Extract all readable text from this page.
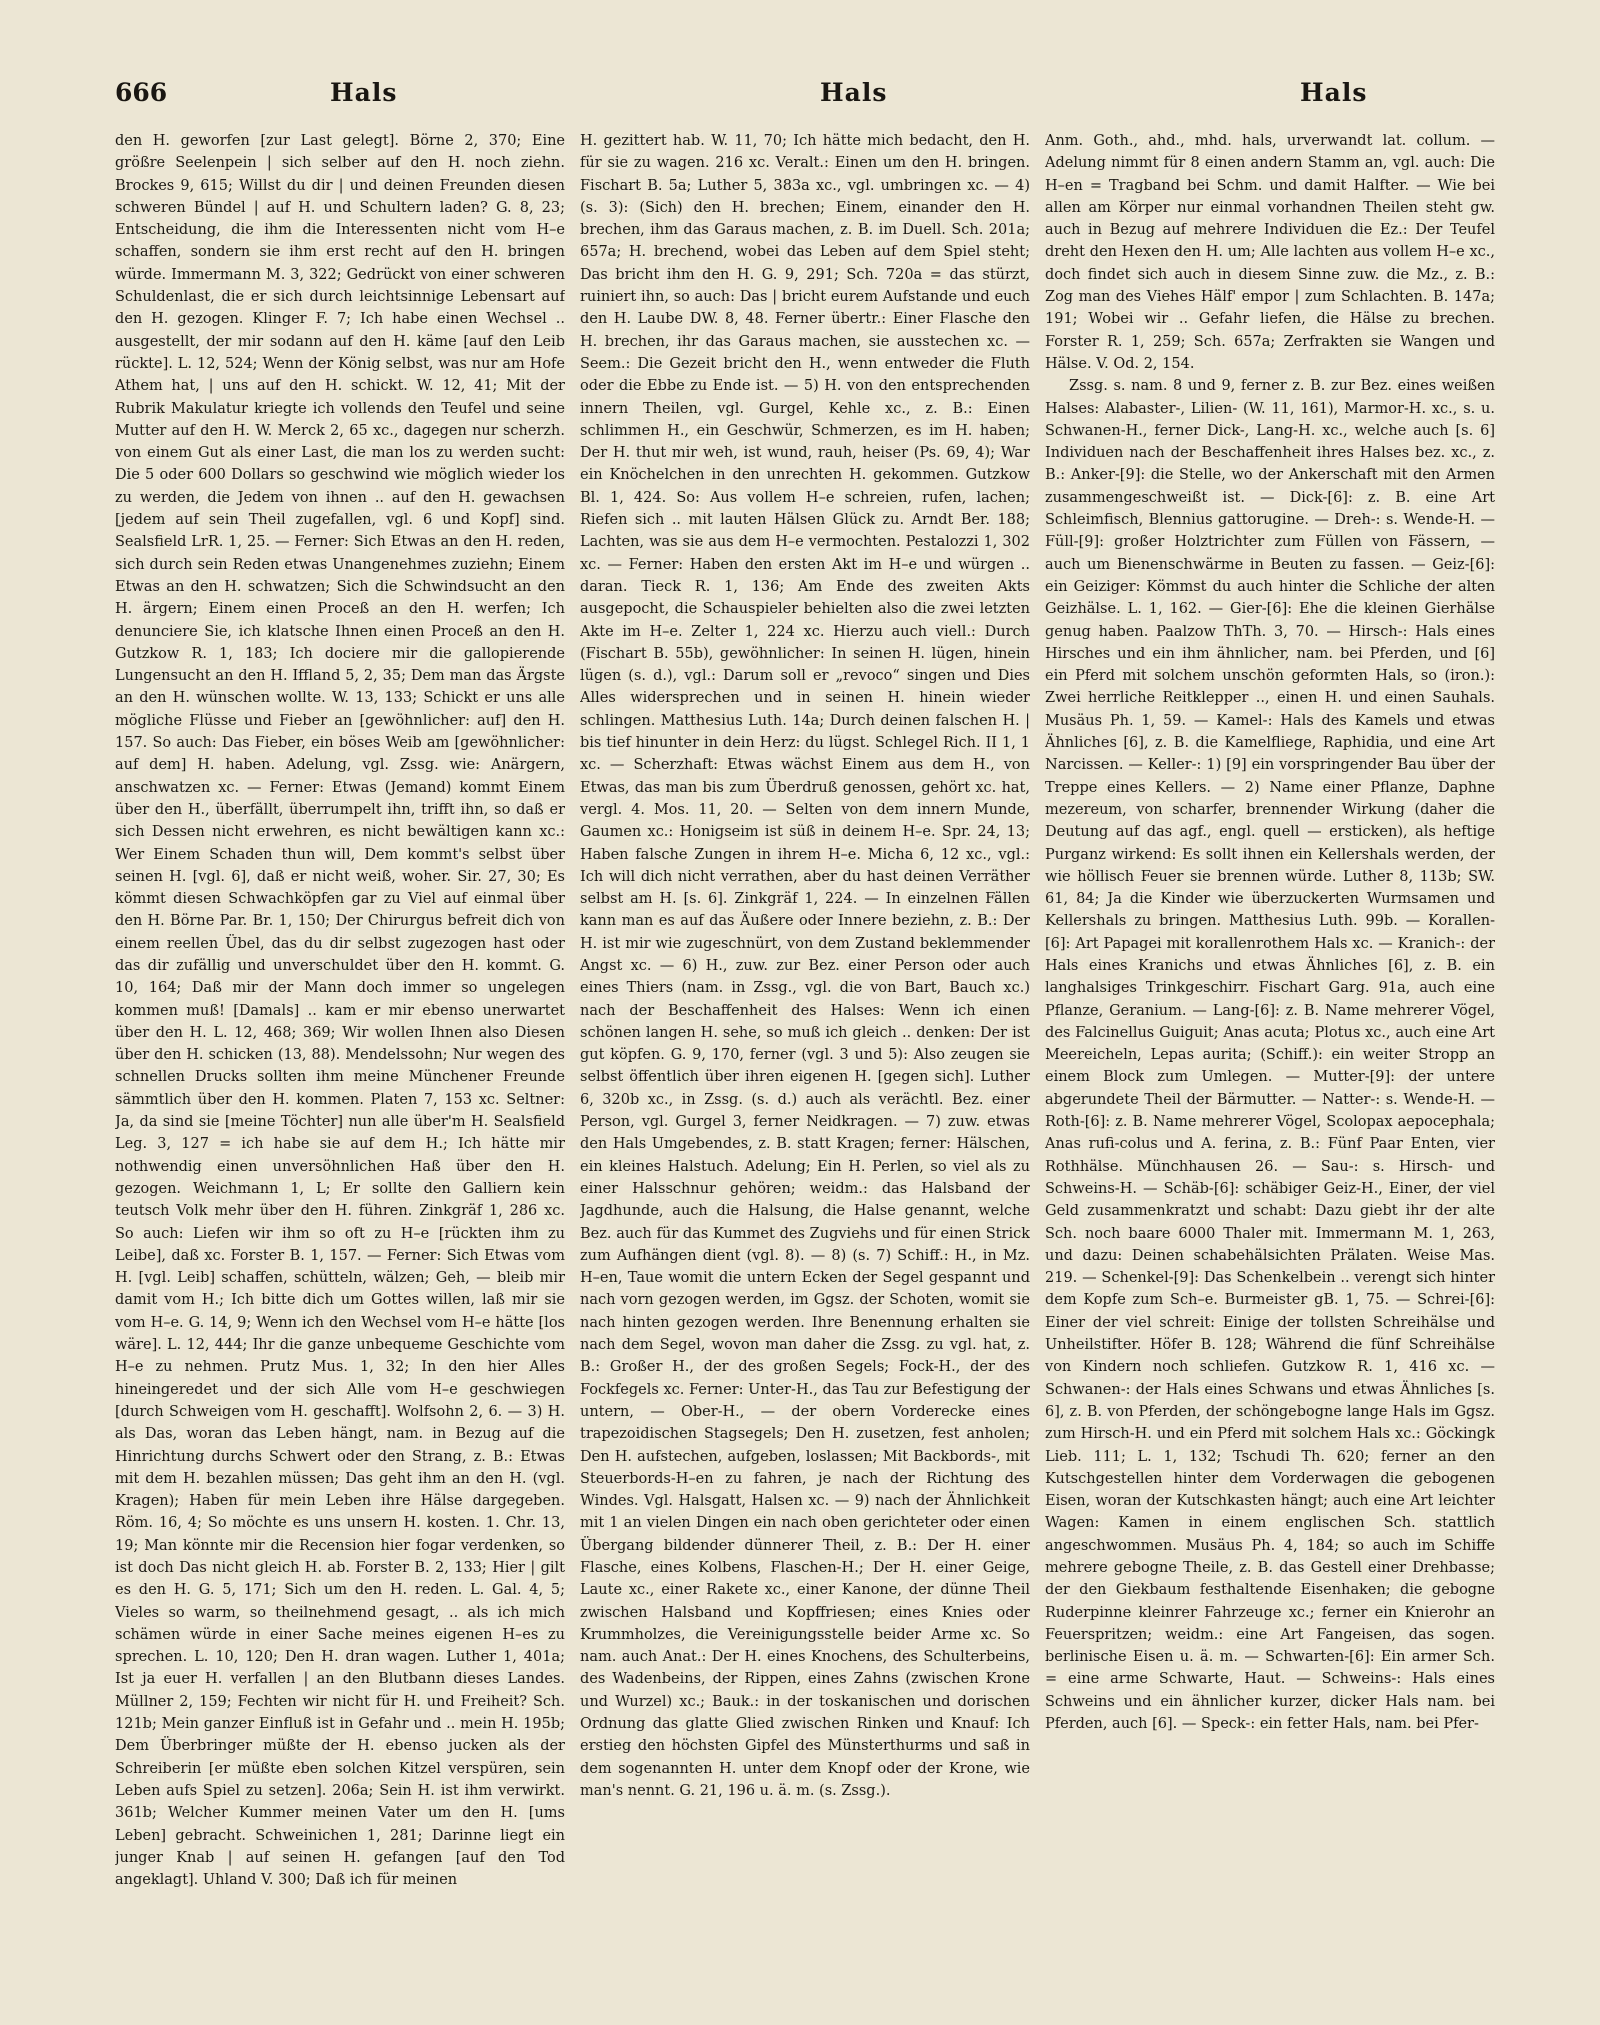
666	Hals	Hals	Hals

den H. geworfen [zur Last gelegt]. Börne 2, 370; Eine größre Seelenpein | sich selber auf den H. noch ziehn. Brockes 9, 615; Willst du dir | und deinen Freunden diesen schweren Bündel | auf H. und Schultern laden? G. 8, 23; Entscheidung, die ihm die Interessenten nicht vom H–e schaffen, sondern sie ihm erst recht auf den H. bringen würde. Immermann M. 3, 322; Gedrückt von einer schweren Schuldenlast, die er sich durch leichtsinnige Lebensart auf den H. gezogen. Klinger F. 7; Ich habe einen Wechsel .. ausgestellt, der mir sodann auf den H. käme [auf den Leib rückte]. L. 12, 524; Wenn der König selbst, was nur am Hofe Athem hat, | uns auf den H. schickt. W. 12, 41; Mit der Rubrik Makulatur kriegte ich vollends den Teufel und seine Mutter auf den H. W. Merck 2, 65 xc., dagegen nur scherzh. von einem Gut als einer Last, die man los zu werden sucht: Die 5 oder 600 Dollars so geschwind wie möglich wieder los zu werden, die Jedem von ihnen .. auf den H. gewachsen [jedem auf sein Theil zugefallen, vgl. 6 und Kopf] sind. Sealsfield LrR. 1, 25. — Ferner: Sich Etwas an den H. reden, sich durch sein Reden etwas Unangenehmes zuziehn; Einem Etwas an den H. schwatzen; Sich die Schwindsucht an den H. ärgern; Einem einen Proceß an den H. werfen; Ich denunciere Sie, ich klatsche Ihnen einen Proceß an den H. Gutzkow R. 1, 183; Ich dociere mir die gallopierende Lungensucht an den H. Iffland 5, 2, 35; Dem man das Ärgste an den H. wünschen wollte. W. 13, 133; Schickt er uns alle mögliche Flüsse und Fieber an [gewöhnlicher: auf] den H. 157. So auch: Das Fieber, ein böses Weib am [gewöhnlicher: auf dem] H. haben. Adelung, vgl. Zssg. wie: Anärgern, anschwatzen xc. — Ferner: Etwas (Jemand) kommt Einem über den H., überfällt, überrumpelt ihn, trifft ihn, so daß er sich Dessen nicht erwehren, es nicht bewältigen kann xc.: Wer Einem Schaden thun will, Dem kommt's selbst über seinen H. [vgl. 6], daß er nicht weiß, woher. Sir. 27, 30; Es kömmt diesen Schwachköpfen gar zu Viel auf einmal über den H. Börne Par. Br. 1, 150; Der Chirurgus befreit dich von einem reellen Übel, das du dir selbst zugezogen hast oder das dir zufällig und unverschuldet über den H. kommt. G. 10, 164; Daß mir der Mann doch immer so ungelegen kommen muß! [Damals] .. kam er mir ebenso unerwartet über den H. L. 12, 468; 369; Wir wollen Ihnen also Diesen über den H. schicken (13, 88). Mendelssohn; Nur wegen des schnellen Drucks sollten ihm meine Münchener Freunde sämmtlich über den H. kommen. Platen 7, 153 xc. Seltner: Ja, da sind sie [meine Töchter] nun alle über'm H. Sealsfield Leg. 3, 127 = ich habe sie auf dem H.; Ich hätte mir nothwendig einen unversöhnlichen Haß über den H. gezogen. Weichmann 1, L; Er sollte den Galliern kein teutsch Volk mehr über den H. führen. Zinkgräf 1, 286 xc. So auch: Liefen wir ihm so oft zu H–e [rückten ihm zu Leibe], daß xc. Forster B. 1, 157. — Ferner: Sich Etwas vom H. [vgl. Leib] schaffen, schütteln, wälzen; Geh, — bleib mir damit vom H.; Ich bitte dich um Gottes willen, laß mir sie vom H–e. G. 14, 9; Wenn ich den Wechsel vom H–e hätte [los wäre]. L. 12, 444; Ihr die ganze unbequeme Geschichte vom H–e zu nehmen. Prutz Mus. 1, 32; In den hier Alles hineingeredet und der sich Alle vom H–e geschwiegen [durch Schweigen vom H. geschafft]. Wolfsohn 2, 6. — 3) H. als Das, woran das Leben hängt, nam. in Bezug auf die Hinrichtung durchs Schwert oder den Strang, z. B.: Etwas mit dem H. bezahlen müssen; Das geht ihm an den H. (vgl. Kragen); Haben für mein Leben ihre Hälse dargegeben. Röm. 16, 4; So möchte es uns unsern H. kosten. 1. Chr. 13, 19; Man könnte mir die Recension hier fogar verdenken, so ist doch Das nicht gleich H. ab. Forster B. 2, 133; Hier | gilt es den H. G. 5, 171; Sich um den H. reden. L. Gal. 4, 5; Vieles so warm, so theilnehmend gesagt, .. als ich mich schämen würde in einer Sache meines eigenen H–es zu sprechen. L. 10, 120; Den H. dran wagen. Luther 1, 401a; Ist ja euer H. verfallen | an den Blutbann dieses Landes. Müllner 2, 159; Fechten wir nicht für H. und Freiheit? Sch. 121b; Mein ganzer Einfluß ist in Gefahr und .. mein H. 195b; Dem Überbringer müßte der H. ebenso jucken als der Schreiberin [er müßte eben solchen Kitzel verspüren, sein Leben aufs Spiel zu setzen]. 206a; Sein H. ist ihm verwirkt. 361b; Welcher Kummer meinen Vater um den H. [ums Leben] gebracht. Schweinichen 1, 281; Darinne liegt ein junger Knab | auf seinen H. gefangen [auf den Tod angeklagt]. Uhland V. 300; Daß ich für meinen

H. gezittert hab. W. 11, 70; Ich hätte mich bedacht, den H. für sie zu wagen. 216 xc. Veralt.: Einen um den H. bringen. Fischart B. 5a; Luther 5, 383a xc., vgl. umbringen xc. — 4) (s. 3): (Sich) den H. brechen; Einem, einander den H. brechen, ihm das Garaus machen, z. B. im Duell. Sch. 201a; 657a; H. brechend, wobei das Leben auf dem Spiel steht; Das bricht ihm den H. G. 9, 291; Sch. 720a = das stürzt, ruiniert ihn, so auch: Das | bricht eurem Aufstande und euch den H. Laube DW. 8, 48. Ferner übertr.: Einer Flasche den H. brechen, ihr das Garaus machen, sie ausstechen xc. — Seem.: Die Gezeit bricht den H., wenn entweder die Fluth oder die Ebbe zu Ende ist. — 5) H. von den entsprechenden innern Theilen, vgl. Gurgel, Kehle xc., z. B.: Einen schlimmen H., ein Geschwür, Schmerzen, es im H. haben; Der H. thut mir weh, ist wund, rauh, heiser (Ps. 69, 4); War ein Knöchelchen in den unrechten H. gekommen. Gutzkow Bl. 1, 424. So: Aus vollem H–e schreien, rufen, lachen; Riefen sich .. mit lauten Hälsen Glück zu. Arndt Ber. 188; Lachten, was sie aus dem H–e vermochten. Pestalozzi 1, 302 xc. — Ferner: Haben den ersten Akt im H–e und würgen .. daran. Tieck R. 1, 136; Am Ende des zweiten Akts ausgepocht, die Schauspieler behielten also die zwei letzten Akte im H–e. Zelter 1, 224 xc. Hierzu auch viell.: Durch (Fischart B. 55b), gewöhnlicher: In seinen H. lügen, hinein lügen (s. d.), vgl.: Darum soll er „revoco“ singen und Dies Alles widersprechen und in seinen H. hinein wieder schlingen. Matthesius Luth. 14a; Durch deinen falschen H. | bis tief hinunter in dein Herz: du lügst. Schlegel Rich. II 1, 1 xc. — Scherzhaft: Etwas wächst Einem aus dem H., von Etwas, das man bis zum Überdruß genossen, gehört xc. hat, vergl. 4. Mos. 11, 20. — Selten von dem innern Munde, Gaumen xc.: Honigseim ist süß in deinem H–e. Spr. 24, 13; Haben falsche Zungen in ihrem H–e. Micha 6, 12 xc., vgl.: Ich will dich nicht verrathen, aber du hast deinen Verräther selbst am H. [s. 6]. Zinkgräf 1, 224. — In einzelnen Fällen kann man es auf das Äußere oder Innere beziehn, z. B.: Der H. ist mir wie zugeschnürt, von dem Zustand beklemmender Angst xc. — 6) H., zuw. zur Bez. einer Person oder auch eines Thiers (nam. in Zssg., vgl. die von Bart, Bauch xc.) nach der Beschaffenheit des Halses: Wenn ich einen schönen langen H. sehe, so muß ich gleich .. denken: Der ist gut köpfen. G. 9, 170, ferner (vgl. 3 und 5): Also zeugen sie selbst öffentlich über ihren eigenen H. [gegen sich]. Luther 6, 320b xc., in Zssg. (s. d.) auch als verächtl. Bez. einer Person, vgl. Gurgel 3, ferner Neidkragen. — 7) zuw. etwas den Hals Umgebendes, z. B. statt Kragen; ferner: Hälschen, ein kleines Halstuch. Adelung; Ein H. Perlen, so viel als zu einer Halsschnur gehören; weidm.: das Halsband der Jagdhunde, auch die Halsung, die Halse genannt, welche Bez. auch für das Kummet des Zugviehs und für einen Strick zum Aufhängen dient (vgl. 8). — 8) (s. 7) Schiff.: H., in Mz. H–en, Taue womit die untern Ecken der Segel gespannt und nach vorn gezogen werden, im Ggsz. der Schoten, womit sie nach hinten gezogen werden. Ihre Benennung erhalten sie nach dem Segel, wovon man daher die Zssg. zu vgl. hat, z. B.: Großer H., der des großen Segels; Fock-H., der des Fockfegels xc. Ferner: Unter-H., das Tau zur Befestigung der untern, — Ober-H., — der obern Vorderecke eines trapezoidischen Stagsegels; Den H. zusetzen, fest anholen; Den H. aufstechen, aufgeben, loslassen; Mit Backbords-, mit Steuerbords-H–en zu fahren, je nach der Richtung des Windes. Vgl. Halsgatt, Halsen xc. — 9) nach der Ähnlichkeit mit 1 an vielen Dingen ein nach oben gerichteter oder einen Übergang bildender dünnerer Theil, z. B.: Der H. einer Flasche, eines Kolbens, Flaschen-H.; Der H. einer Geige, Laute xc., einer Rakete xc., einer Kanone, der dünne Theil zwischen Halsband und Kopffriesen; eines Knies oder Krummholzes, die Vereinigungsstelle beider Arme xc. So nam. auch Anat.: Der H. eines Knochens, des Schulterbeins, des Wadenbeins, der Rippen, eines Zahns (zwischen Krone und Wurzel) xc.; Bauk.: in der toskanischen und dorischen Ordnung das glatte Glied zwischen Rinken und Knauf: Ich erstieg den höchsten Gipfel des Münsterthurms und saß in dem sogenannten H. unter dem Knopf oder der Krone, wie man's nennt. G. 21, 196 u. ä. m. (s. Zssg.).

Anm. Goth., ahd., mhd. hals, urverwandt lat. collum. — Adelung nimmt für 8 einen andern Stamm an, vgl. auch: Die H–en = Tragband bei Schm. und damit Halfter. — Wie bei allen am Körper nur einmal vorhandnen Theilen steht gw. auch in Bezug auf mehrere Individuen die Ez.: Der Teufel dreht den Hexen den H. um; Alle lachten aus vollem H–e xc., doch findet sich auch in diesem Sinne zuw. die Mz., z. B.: Zog man des Viehes Hälf' empor | zum Schlachten. B. 147a; 191; Wobei wir .. Gefahr liefen, die Hälse zu brechen. Forster R. 1, 259; Sch. 657a; Zerfrakten sie Wangen und Hälse. V. Od. 2, 154.

Zssg. s. nam. 8 und 9, ferner z. B. zur Bez. eines weißen Halses: Alabaster-, Lilien- (W. 11, 161), Marmor-H. xc., s. u. Schwanen-H., ferner Dick-, Lang-H. xc., welche auch [s. 6] Individuen nach der Beschaffenheit ihres Halses bez. xc., z. B.: Anker-[9]: die Stelle, wo der Ankerschaft mit den Armen zusammengeschweißt ist. — Dick-[6]: z. B. eine Art Schleimfisch, Blennius gattorugine. — Dreh-: s. Wende-H. — Füll-[9]: großer Holztrichter zum Füllen von Fässern, — auch um Bienenschwärme in Beuten zu fassen. — Geiz-[6]: ein Geiziger: Kömmst du auch hinter die Schliche der alten Geizhälse. L. 1, 162. — Gier-[6]: Ehe die kleinen Gierhälse genug haben. Paalzow ThTh. 3, 70. — Hirsch-: Hals eines Hirsches und ein ihm ähnlicher, nam. bei Pferden, und [6] ein Pferd mit solchem unschön geformten Hals, so (iron.): Zwei herrliche Reitklepper .., einen H. und einen Sauhals. Musäus Ph. 1, 59. — Kamel-: Hals des Kamels und etwas Ähnliches [6], z. B. die Kamelfliege, Raphidia, und eine Art Narcissen. — Keller-: 1) [9] ein vorspringender Bau über der Treppe eines Kellers. — 2) Name einer Pflanze, Daphne mezereum, von scharfer, brennender Wirkung (daher die Deutung auf das agf., engl. quell — ersticken), als heftige Purganz wirkend: Es sollt ihnen ein Kellershals werden, der wie höllisch Feuer sie brennen würde. Luther 8, 113b; SW. 61, 84; Ja die Kinder wie überzuckerten Wurmsamen und Kellershals zu bringen. Matthesius Luth. 99b. — Korallen-[6]: Art Papagei mit korallenrothem Hals xc. — Kranich-: der Hals eines Kranichs und etwas Ähnliches [6], z. B. ein langhalsiges Trinkgeschirr. Fischart Garg. 91a, auch eine Pflanze, Geranium. — Lang-[6]: z. B. Name mehrerer Vögel, des Falcinellus Guiguit; Anas acuta; Plotus xc., auch eine Art Meereicheln, Lepas aurita; (Schiff.): ein weiter Stropp an einem Block zum Umlegen. — Mutter-[9]: der untere abgerundete Theil der Bärmutter. — Natter-: s. Wende-H. — Roth-[6]: z. B. Name mehrerer Vögel, Scolopax aepocephala; Anas rufi-colus und A. ferina, z. B.: Fünf Paar Enten, vier Rothhälse. Münchhausen 26. — Sau-: s. Hirsch- und Schweins-H. — Schäb-[6]: schäbiger Geiz-H., Einer, der viel Geld zusammenkratzt und schabt: Dazu giebt ihr der alte Sch. noch baare 6000 Thaler mit. Immermann M. 1, 263, und dazu: Deinen schabehälsichten Prälaten. Weise Mas. 219. — Schenkel-[9]: Das Schenkelbein .. verengt sich hinter dem Kopfe zum Sch–e. Burmeister gB. 1, 75. — Schrei-[6]: Einer der viel schreit: Einige der tollsten Schreihälse und Unheilstifter. Höfer B. 128; Während die fünf Schreihälse von Kindern noch schliefen. Gutzkow R. 1, 416 xc. — Schwanen-: der Hals eines Schwans und etwas Ähnliches [s. 6], z. B. von Pferden, der schöngebogne lange Hals im Ggsz. zum Hirsch-H. und ein Pferd mit solchem Hals xc.: Göckingk Lieb. 111; L. 1, 132; Tschudi Th. 620; ferner an den Kutschgestellen hinter dem Vorderwagen die gebogenen Eisen, woran der Kutschkasten hängt; auch eine Art leichter Wagen: Kamen in einem englischen Sch. stattlich angeschwommen. Musäus Ph. 4, 184; so auch im Schiffe mehrere gebogne Theile, z. B. das Gestell einer Drehbasse; der den Giekbaum festhaltende Eisenhaken; die gebogne Ruderpinne kleinrer Fahrzeuge xc.; ferner ein Knierohr an Feuerspritzen; weidm.: eine Art Fangeisen, das sogen. berlinische Eisen u. ä. m. — Schwarten-[6]: Ein armer Sch. = eine arme Schwarte, Haut. — Schweins-: Hals eines Schweins und ein ähnlicher kurzer, dicker Hals nam. bei Pferden, auch [6]. — Speck-: ein fetter Hals, nam. bei Pfer-
